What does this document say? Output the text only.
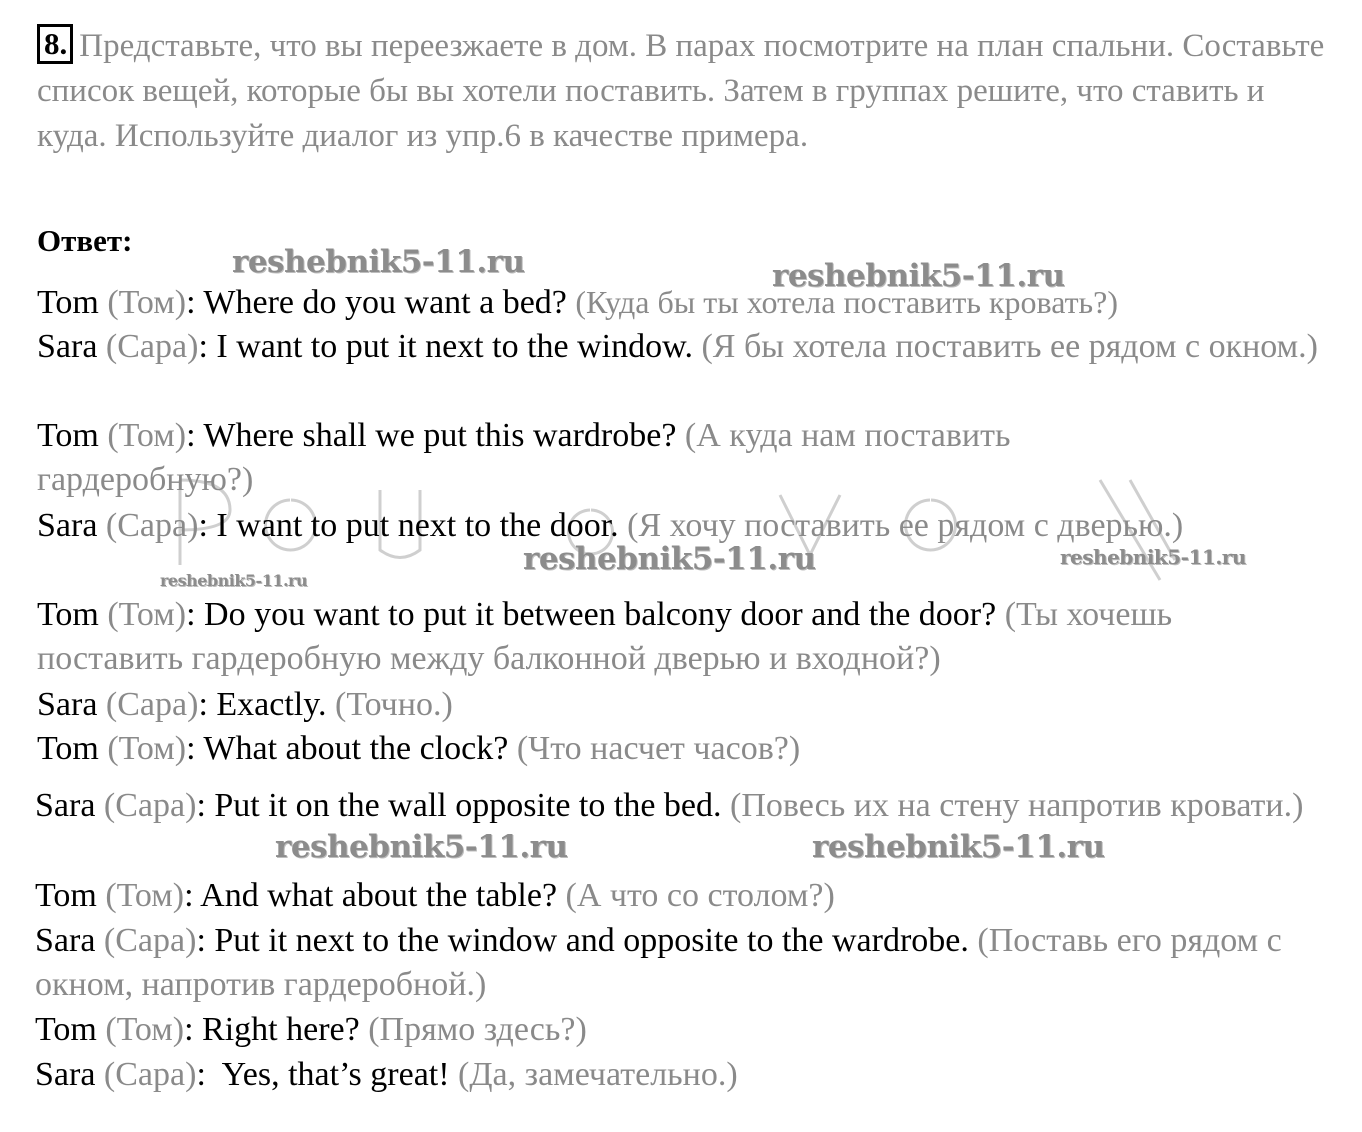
8. Представьте, что вы переезжаете в дом. В парах посмотрите на план спальни. Составьте список вещей, которые бы вы хотели поставить. Затем в группах решите, что ставить и куда. Используйте диалог из упр.6 в качестве примера.
Ответ:
Tom (Том): Where do you want a bed? (Куда бы ты хотела поставить кровать?)
Sara (Сара): I want to put it next to the window. (Я бы хотела поставить ее рядом с окном.)
Tom (Том): Where shall we put this wardrobe? (А куда нам поставить гардеробную?)
Sara (Сара): I want to put next to the door. (Я хочу поставить ее рядом с дверью.)
Tom (Том): Do you want to put it between balcony door and the door? (Ты хочешь поставить гардеробную между балконной дверью и входной?)
Sara (Сара): Exactly. (Точно.)
Tom (Том): What about the clock? (Что насчет часов?)
Sara (Сара): Put it on the wall opposite to the bed. (Повесь их на стену напротив кровати.)
Tom (Том): And what about the table? (А что со столом?)
Sara (Сара): Put it next to the window and opposite to the wardrobe. (Поставь его рядом с окном, напротив гардеробной.)
Tom (Том): Right here? (Прямо здесь?)
Sara (Сара): Yes, that’s great! (Да, замечательно.)
reshebnik5-11.ru	reshebnik5-11.ru
reshebnik5-11.ru	reshebnik5-11.ru
reshebnik5-11.ru
reshebnik5-11.ru	reshebnik5-11.ru
